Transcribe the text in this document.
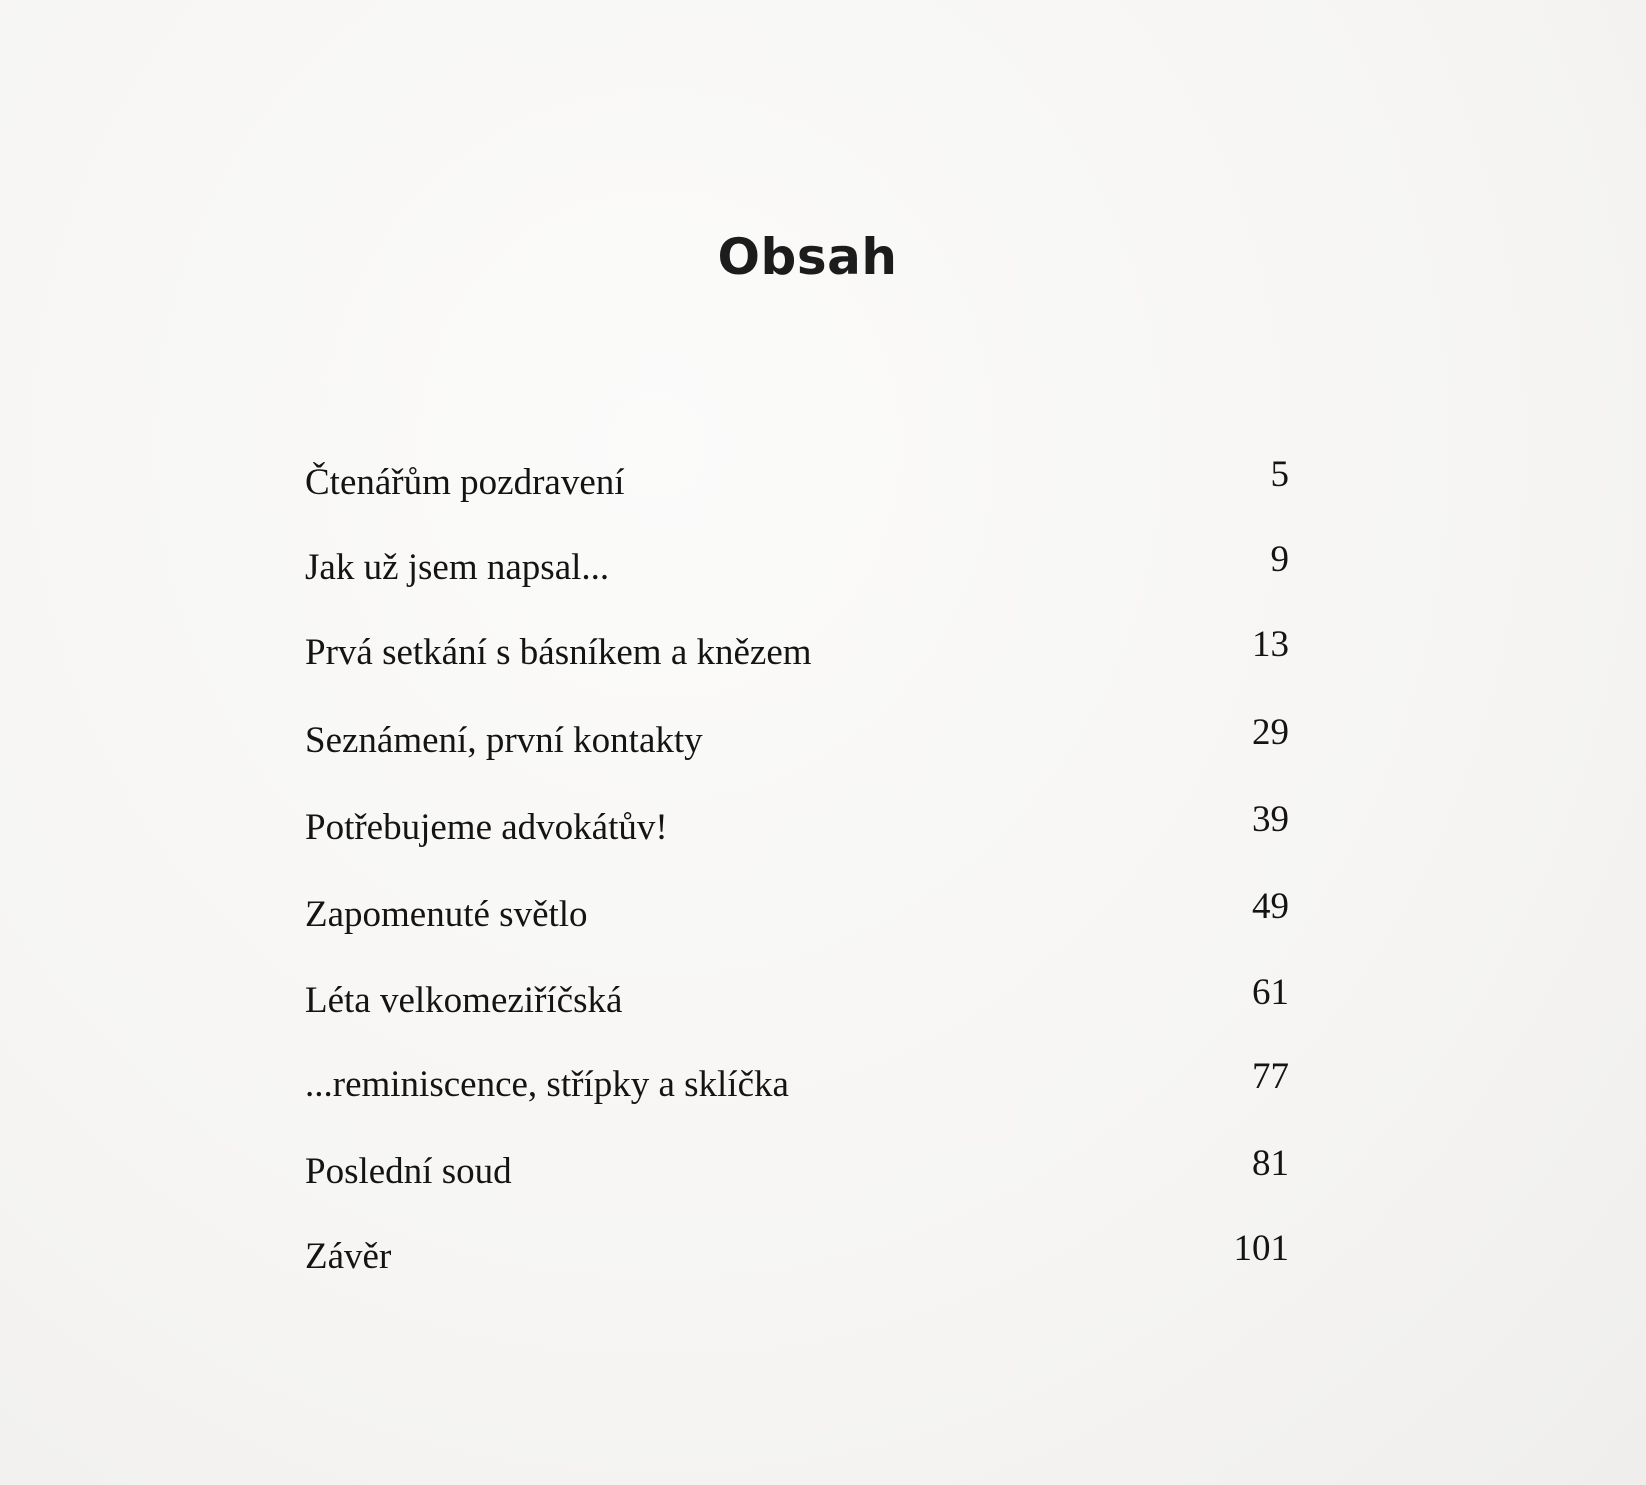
Obsah
Čtenářům pozdravení	5
Jak už jsem napsal...	9
Prvá setkání s básníkem a knězem	13
Seznámení, první kontakty	29
Potřebujeme advokátův!	39
Zapomenuté světlo	49
Léta velkomeziříčská	61
...reminiscence, střípky a sklíčka	77
Poslední soud	81
Závěr	101
